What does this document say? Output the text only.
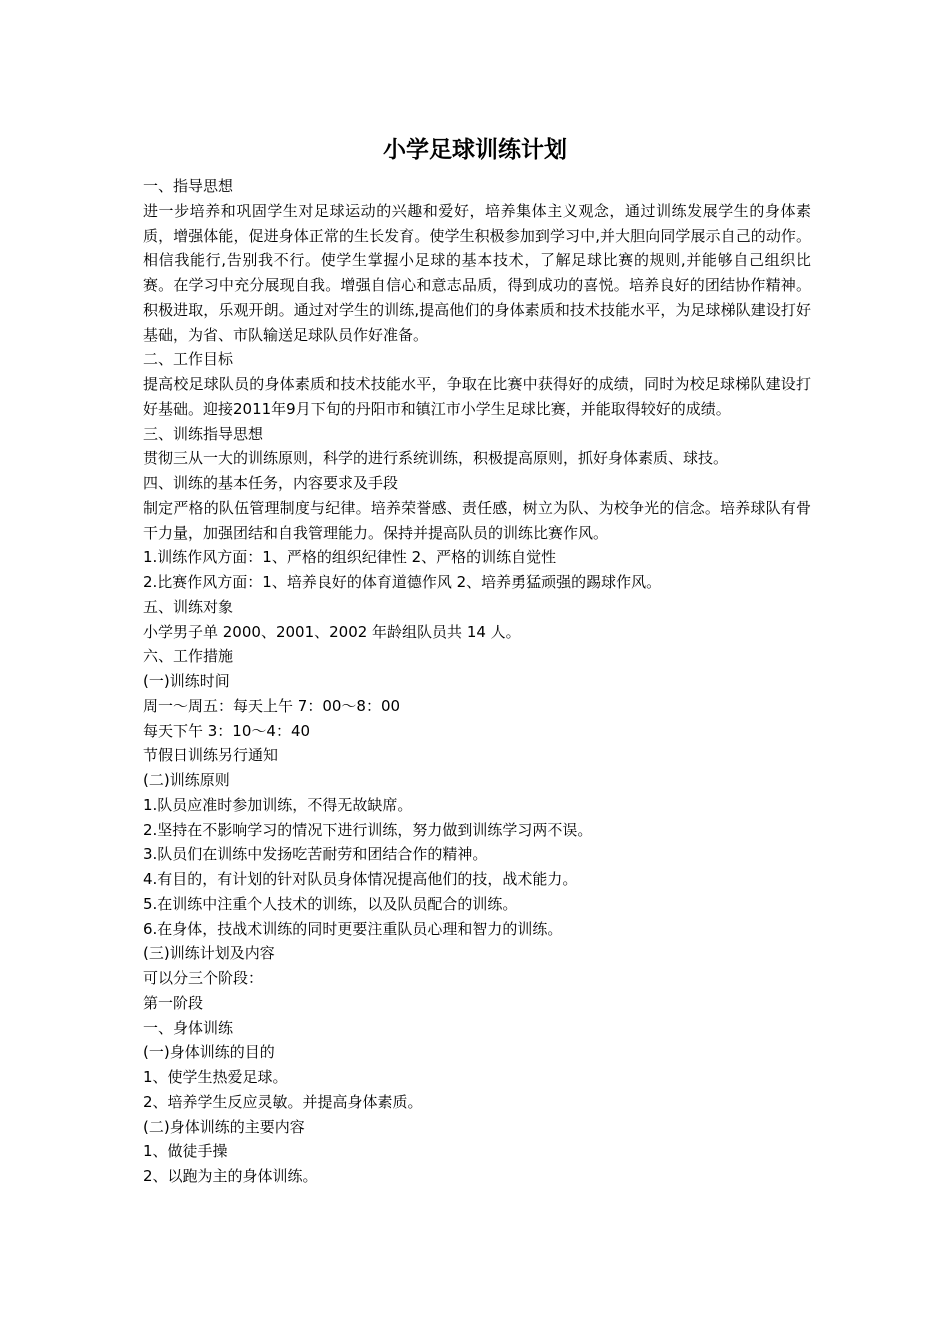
小学足球训练计划

一、指导思想

进一步培养和巩固学生对足球运动的兴趣和爱好，培养集体主义观念，通过训练发展学生的身体素质，增强体能，促进身体正常的生长发育。使学生积极参加到学习中,并大胆向同学展示自己的动作。相信我能行,告别我不行。使学生掌握小足球的基本技术，了解足球比赛的规则,并能够自己组织比赛。在学习中充分展现自我。增强自信心和意志品质，得到成功的喜悦。培养良好的团结协作精神。积极进取，乐观开朗。通过对学生的训练,提高他们的身体素质和技术技能水平，为足球梯队建设打好基础，为省、市队输送足球队员作好准备。

二、工作目标

提高校足球队员的身体素质和技术技能水平，争取在比赛中获得好的成绩，同时为校足球梯队建设打好基础。迎接2011年9月下旬的丹阳市和镇江市小学生足球比赛，并能取得较好的成绩。

三、训练指导思想

贯彻三从一大的训练原则，科学的进行系统训练，积极提高原则，抓好身体素质、球技。

四、训练的基本任务，内容要求及手段

制定严格的队伍管理制度与纪律。培养荣誉感、责任感，树立为队、为校争光的信念。培养球队有骨干力量，加强团结和自我管理能力。保持并提高队员的训练比赛作风。

1.训练作风方面：1、严格的组织纪律性 2、严格的训练自觉性

2.比赛作风方面：1、培养良好的体育道德作风 2、培养勇猛顽强的踢球作风。

五、训练对象

小学男子单 2000、2001、2002 年龄组队员共 14 人。

六、工作措施

(一)训练时间

周一～周五：每天上午 7：00～8：00

每天下午 3：10～4：40

节假日训练另行通知

(二)训练原则

1.队员应准时参加训练，不得无故缺席。

2.坚持在不影响学习的情况下进行训练，努力做到训练学习两不误。

3.队员们在训练中发扬吃苦耐劳和团结合作的精神。

4.有目的，有计划的针对队员身体情况提高他们的技，战术能力。

5.在训练中注重个人技术的训练，以及队员配合的训练。

6.在身体，技战术训练的同时更要注重队员心理和智力的训练。

(三)训练计划及内容

可以分三个阶段：

第一阶段

一、身体训练

(一)身体训练的目的

1、使学生热爱足球。

2、培养学生反应灵敏。并提高身体素质。

(二)身体训练的主要内容

1、做徒手操

2、以跑为主的身体训练。
